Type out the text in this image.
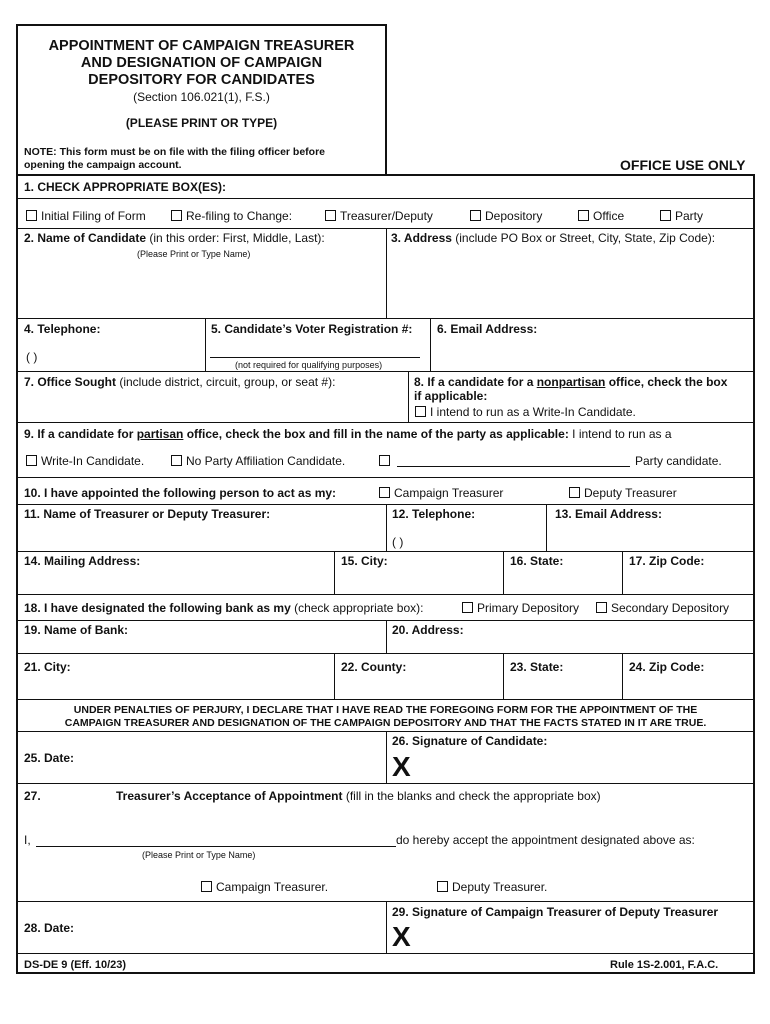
APPOINTMENT OF CAMPAIGN TREASURER
AND DESIGNATION OF CAMPAIGN
DEPOSITORY FOR CANDIDATES
(Section 106.021(1), F.S.)
(PLEASE PRINT OR TYPE)
NOTE: This form must be on file with the filing officer before
opening the campaign account.	OFFICE USE ONLY
1. CHECK APPROPRIATE BOX(ES):
Initial Filing of Form	Re-filing to Change:	Treasurer/Deputy	Depository	Office	Party
2. Name of Candidate (in this order: First, Middle, Last):
(Please Print or Type Name)
3. Address (include PO Box or Street, City, State, Zip Code):
4. Telephone:
( )
5. Candidate’s Voter Registration #:
(not required for qualifying purposes)
6. Email Address:
7. Office Sought (include district, circuit, group, or seat #):	8. If a candidate for a nonpartisan office, check the box
if applicable:
I intend to run as a Write-In Candidate.
9. If a candidate for partisan office, check the box and fill in the name of the party as applicable: I intend to run as a
Write-In Candidate.	No Party Affiliation Candidate.	Party candidate.
10. I have appointed the following person to act as my:	Campaign Treasurer	Deputy Treasurer
11. Name of Treasurer or Deputy Treasurer:	12. Telephone:
( )
13. Email Address:
14. Mailing Address:	15. City:	16. State:	17. Zip Code:
18. I have designated the following bank as my (check appropriate box):	Primary Depository	Secondary Depository
19. Name of Bank:	20. Address:
21. City:	22. County:	23. State:	24. Zip Code:
UNDER PENALTIES OF PERJURY, I DECLARE THAT I HAVE READ THE FOREGOING FORM FOR THE APPOINTMENT OF THE
CAMPAIGN TREASURER AND DESIGNATION OF THE CAMPAIGN DEPOSITORY AND THAT THE FACTS STATED IN IT ARE TRUE.
25. Date:
26. Signature of Candidate:
X
27.	Treasurer’s Acceptance of Appointment (fill in the blanks and check the appropriate box)
I,	do hereby accept the appointment designated above as:
(Please Print or Type Name)
Campaign Treasurer.	Deputy Treasurer.
28. Date:
29. Signature of Campaign Treasurer of Deputy Treasurer
X
DS-DE 9 (Eff. 10/23)	Rule 1S-2.001, F.A.C.
